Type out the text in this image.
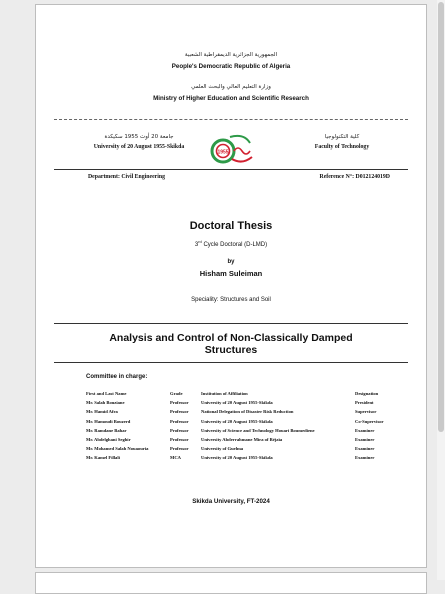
الجمهورية الجزائرية الديمقراطية الشعبية
People's Democratic Republic of Algeria
وزارة التعليم العالي والبحث العلمي
Ministry of Higher Education and Scientific Research
جامعة 20 أوت 1955 سكيكدة
University of 20 August 1955-Skikda
1955
كلية التكنولوجيا
Faculty of Technology
Department: Civil Engineering	Reference N°: D012124019D
Doctoral Thesis
3rd Cycle Doctoral (D-LMD)
by
Hisham Suleiman
Speciality: Structures and Soil
Analysis and Control of Non-Classically Damped
Structures
Committee in charge:
First and Last Name	Grade	Institution of Affiliation	Designation
Mr. Salah Bouziane	Professor	University of 20 August 1955-Skikda	President
Mr. Hamid Afra	Professor	National Delegation of Disaster Risk Reduction	Supervisor
Mr. Hamoudi Bouzerd	Professor	University of 20 August 1955-Skikda	Co-Supervisor
Mr. Ramdane Bahar	Professor	University of Science and Technology Houari Boumediene	Examiner
Mr. Abdelghani Seghir	Professor	University Abderrahmane Mira of Béjaïa	Examiner
Mr. Mohamed Salah Nouaouria	Professor	University of Guelma	Examiner
Mr. Kamel Fillali	MCA	University of 20 August 1955-Skikda	Examiner
Skikda University, FT-2024
